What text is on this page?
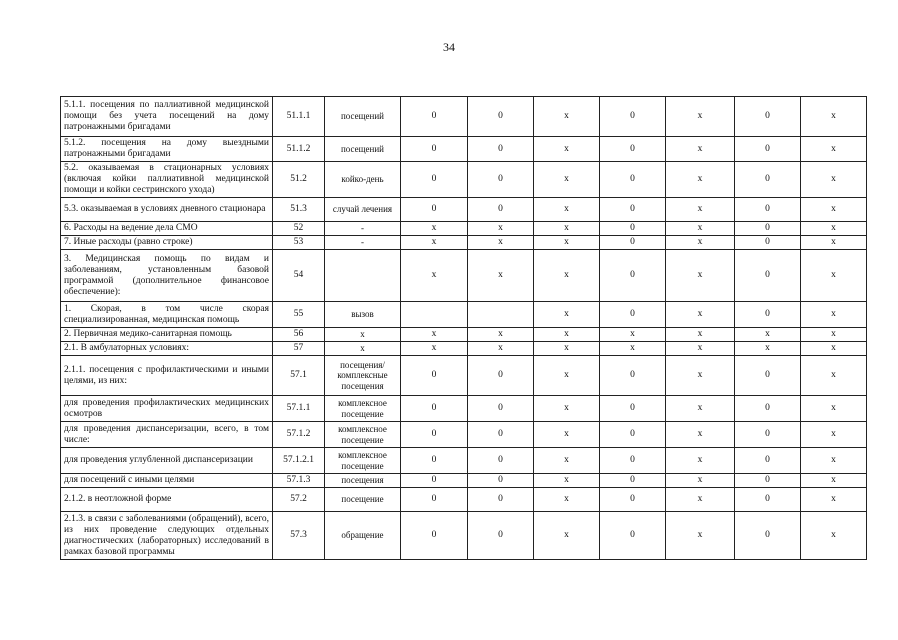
34
5.1.1. посещения по паллиативной медицинской помощи без учета посещений на дому патронажными бригадами	51.1.1	посещений	0	0	х	0	х	0	х
5.1.2. посещения на дому выездными патронажными бригадами	51.1.2	посещений	0	0	х	0	х	0	х
5.2. оказываемая в стационарных условиях (включая койки паллиативной медицинской помощи и койки сестринского ухода)	51.2	койко-день	0	0	х	0	х	0	х
5.3. оказываемая в условиях дневного стационара	51.3	случай лечения	0	0	х	0	х	0	х
6. Расходы на ведение дела СМО	52	-	х	х	х	0	х	0	х
7. Иные расходы (равно строке)	53	-	х	х	х	0	х	0	х
3. Медицинская помощь по видам и заболеваниям, установленным базовой программой (дополнительное финансовое обеспечение):	54		х	х	х	0	х	0	х
1. Скорая, в том числе скорая специализированная, медицинская помощь	55	вызов			х	0	х	0	х
2. Первичная медико-санитарная помощь	56	х	х	х	х	х	х	х	х
2.1. В амбулаторных условиях:	57	х	х	х	х	х	х	х	х
2.1.1. посещения с профилактическими и иными целями, из них:	57.1	посещения/комплексные посещения	0	0	х	0	х	0	х
для проведения профилактических медицинских осмотров	57.1.1	комплексное посещение	0	0	х	0	х	0	х
для проведения диспансеризации, всего, в том числе:	57.1.2	комплексное посещение	0	0	х	0	х	0	х
для проведения углубленной диспансеризации	57.1.2.1	комплексное посещение	0	0	х	0	х	0	х
для посещений с иными целями	57.1.3	посещения	0	0	х	0	х	0	х
2.1.2. в неотложной форме	57.2	посещение	0	0	х	0	х	0	х
2.1.3. в связи с заболеваниями (обращений), всего, из них проведение следующих отдельных диагностических (лабораторных) исследований в рамках базовой программы	57.3	обращение	0	0	х	0	х	0	х
